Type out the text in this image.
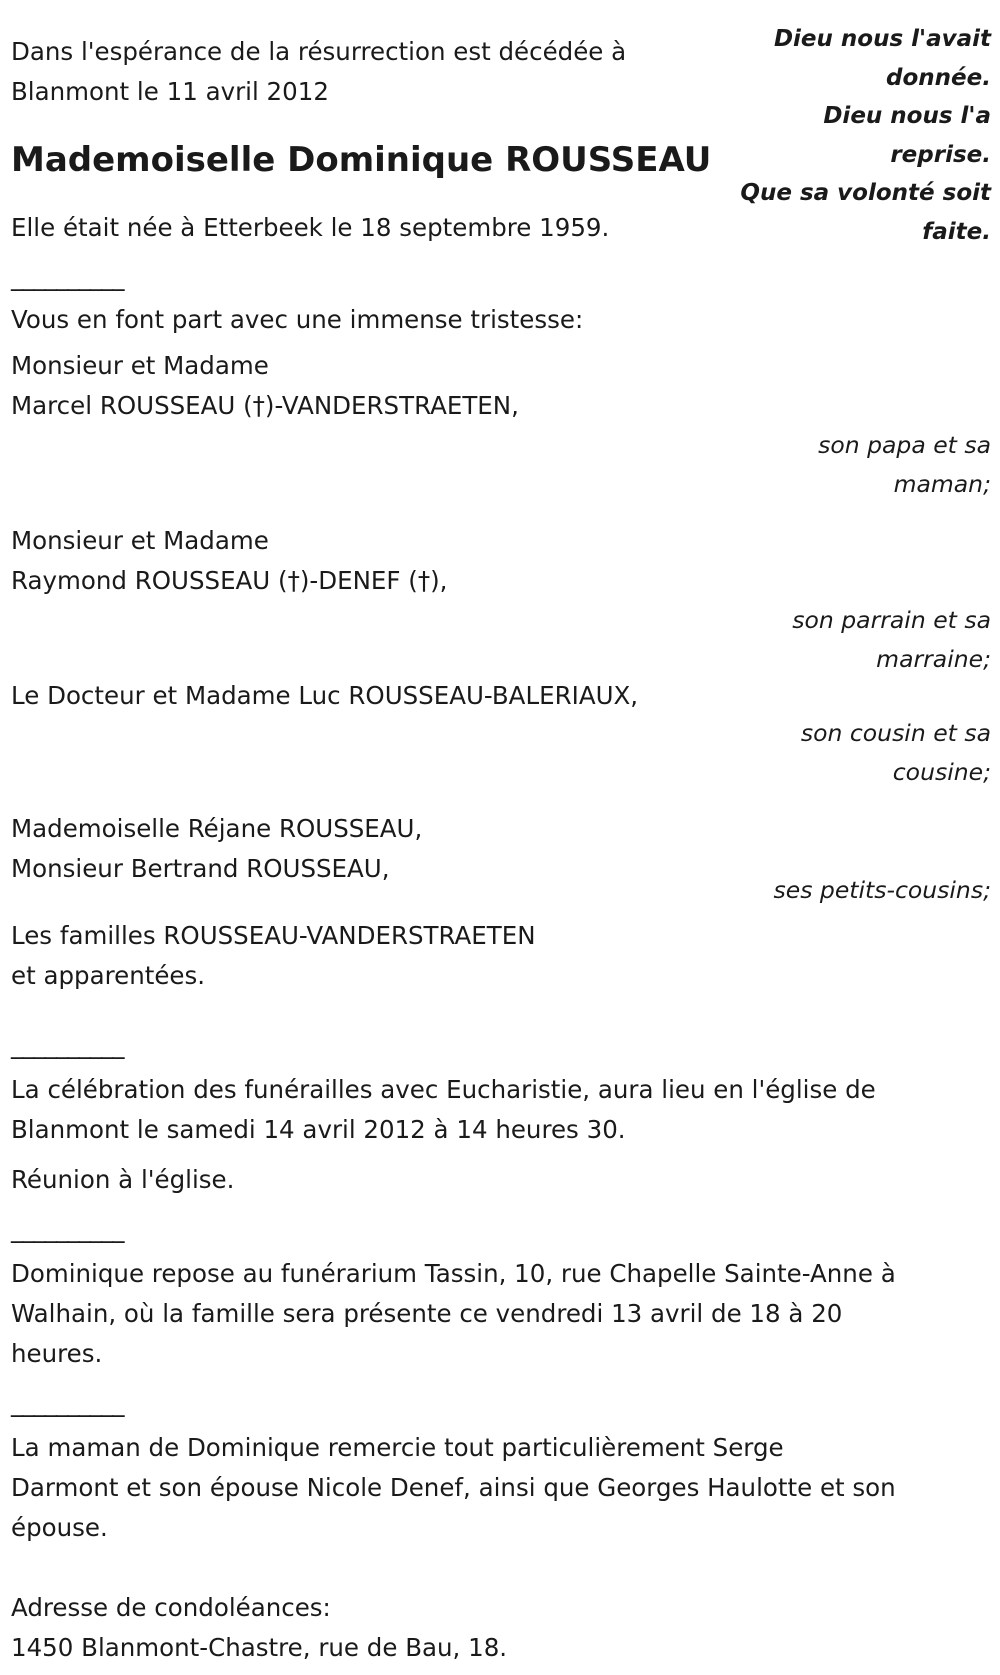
Dieu nous l'avait
donnée.
Dieu nous l'a
reprise.
Que sa volonté soit
faite.

Dans l'espérance de la résurrection est décédée à

Blanmont le 11 avril 2012

Mademoiselle Dominique ROUSSEAU

Elle était née à Etterbeek le 18 septembre 1959.

__________

Vous en font part avec une immense tristesse:

Monsieur et Madame

Marcel ROUSSEAU (†)-VANDERSTRAETEN,

son papa et sa
maman;

Monsieur et Madame

Raymond ROUSSEAU (†)-DENEF (†),

son parrain et sa
marraine;

Le Docteur et Madame Luc ROUSSEAU-BALERIAUX,

son cousin et sa
cousine;

Mademoiselle Réjane ROUSSEAU,

Monsieur Bertrand ROUSSEAU,

ses petits-cousins;

Les familles ROUSSEAU-VANDERSTRAETEN

et apparentées.

__________

La célébration des funérailles avec Eucharistie, aura lieu en l'église de

Blanmont le samedi 14 avril 2012 à 14 heures 30.

Réunion à l'église.

__________

Dominique repose au funérarium Tassin, 10, rue Chapelle Sainte-Anne à

Walhain, où la famille sera présente ce vendredi 13 avril de 18 à 20

heures.

__________

La maman de Dominique remercie tout particulièrement Serge

Darmont et son épouse Nicole Denef, ainsi que Georges Haulotte et son

épouse.

Adresse de condoléances:

1450 Blanmont-Chastre, rue de Bau, 18.
